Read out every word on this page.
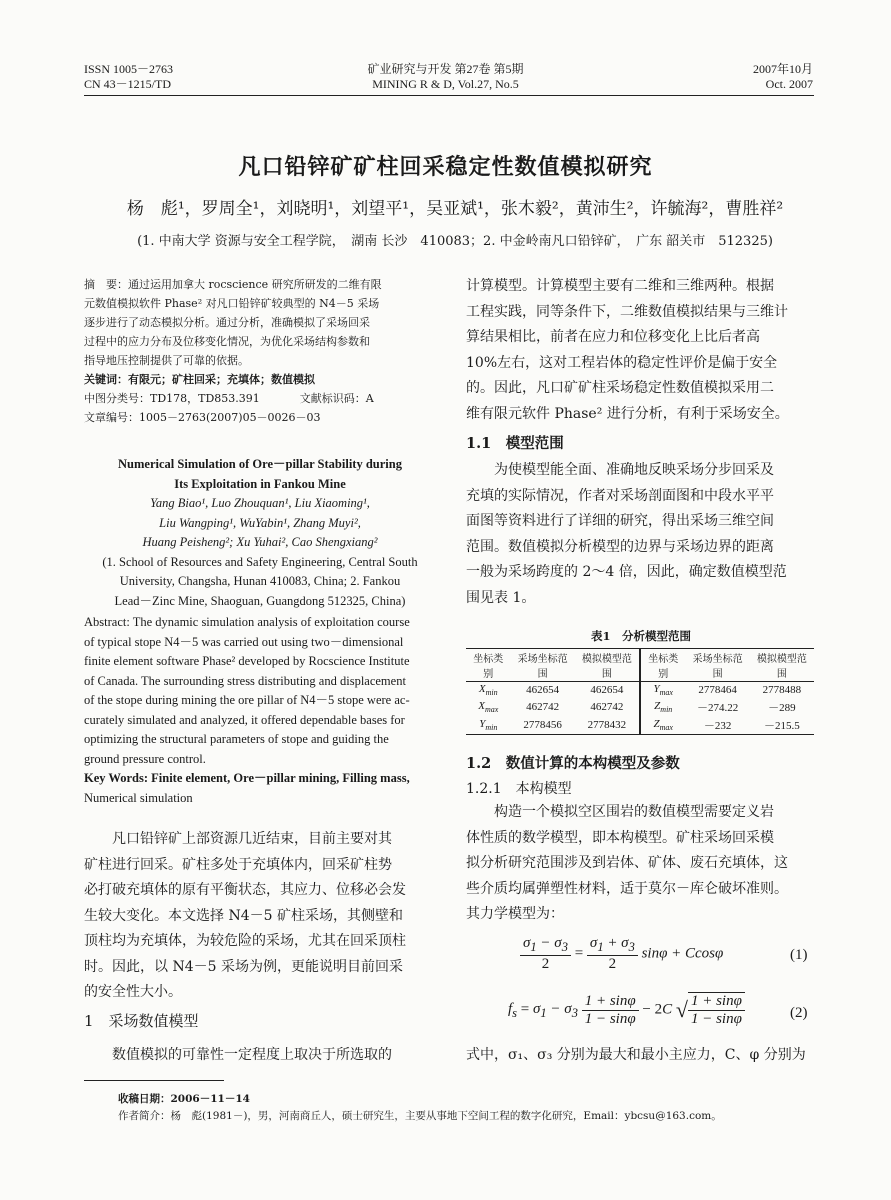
ISSN 1005－2763
CN 43－1215/TD
矿业研究与开发 第27卷 第5期
MINING R & D, Vol.27, No.5
2007年10月
Oct. 2007
凡口铅锌矿矿柱回采稳定性数值模拟研究
杨　彪¹，罗周全¹，刘晓明¹，刘望平¹，吴亚斌¹，张木毅²，黄沛生²，许毓海²，曹胜祥²
(1. 中南大学 资源与安全工程学院，　湖南 长沙　410083；2. 中金岭南凡口铅锌矿，　广东 韶关市　512325)
摘　要：通过运用加拿大 rocscience 研究所研发的二维有限
元数值模拟软件 Phase² 对凡口铅锌矿较典型的 N4－5 采场
逐步进行了动态模拟分析。通过分析，准确模拟了采场回采
过程中的应力分布及位移变化情况，为优化采场结构参数和
指导地压控制提供了可靠的依据。
关键词：有限元；矿柱回采；充填体；数值模拟
中图分类号：TD178，TD853.391	文献标识码：A
文章编号：1005－2763(2007)05－0026－03
Numerical Simulation of Ore－pillar Stability during
Its Exploitation in Fankou Mine
Yang Biao¹, Luo Zhouquan¹, Liu Xiaoming¹,
Liu Wangping¹, WuYabin¹, Zhang Muyi²,
Huang Peisheng²; Xu Yuhai², Cao Shengxiang²
(1. School of Resources and Safety Engineering, Central South
University, Changsha, Hunan 410083, China; 2. Fankou
Lead－Zinc Mine, Shaoguan, Guangdong 512325, China)
Abstract: The dynamic simulation analysis of exploitation course
of typical stope N4－5 was carried out using two－dimensional
finite element software Phase² developed by Rocscience Institute
of Canada. The surrounding stress distributing and displacement
of the stope during mining the ore pillar of N4－5 stope were ac-
curately simulated and analyzed, it offered dependable bases for
optimizing the structural parameters of stope and guiding the
ground pressure control.
Key Words: Finite element, Ore－pillar mining, Filling mass,
Numerical simulation
凡口铅锌矿上部资源几近结束，目前主要对其
矿柱进行回采。矿柱多处于充填体内，回采矿柱势
必打破充填体的原有平衡状态，其应力、位移必会发
生较大变化。本文选择 N4－5 矿柱采场，其侧壁和
顶柱均为充填体，为较危险的采场，尤其在回采顶柱
时。因此，以 N4－5 采场为例，更能说明目前回采
的安全性大小。
1　采场数值模型
数值模拟的可靠性一定程度上取决于所选取的
计算模型。计算模型主要有二维和三维两种。根据
工程实践，同等条件下，二维数值模拟结果与三维计
算结果相比，前者在应力和位移变化上比后者高
10%左右，这对工程岩体的稳定性评价是偏于安全
的。因此，凡口矿矿柱采场稳定性数值模拟采用二
维有限元软件 Phase² 进行分析，有利于采场安全。
1.1　模型范围
为使模型能全面、准确地反映采场分步回采及
充填的实际情况，作者对采场剖面图和中段水平平
面图等资料进行了详细的研究，得出采场三维空间
范围。数值模拟分析模型的边界与采场边界的距离
一般为采场跨度的 2～4 倍，因此，确定数值模型范
围见表 1。
表1　分析模型范围
坐标类别	采场坐标范围	模拟模型范围	坐标类别	采场坐标范围	模拟模型范围
$X_{min}$	462654	462654	$Y_{max}$	2778464	2778488
$X_{max}$	462742	462742	$Z_{min}$	－274.22	－289
$Y_{min}$	2778456	2778432	$Z_{max}$	－232	－215.5
1.2　数值计算的本构模型及参数
1.2.1　本构模型
构造一个模拟空区围岩的数值模型需要定义岩
体性质的数学模型，即本构模型。矿柱采场回采模
拟分析研究范围涉及到岩体、矿体、废石充填体，这
些介质均属弹塑性材料，适于莫尔－库仑破坏准则。
其力学模型为：
$\frac{\sigma_1 - \sigma_3}{2} = \frac{\sigma_1 + \sigma_3}{2}$ sinφ + Ccosφ	(1)
$f_s = \sigma_1 - \sigma_3 \frac{1 + \sin\varphi}{1 - \sin\varphi} - 2C$ √ $\frac{1 + \sin\varphi}{1 - \sin\varphi}$	(2)
式中，σ₁、σ₃ 分别为最大和最小主应力，C、φ 分别为
收稿日期：2006－11－14
作者简介：杨　彪(1981－)，男，河南商丘人，硕士研究生，主要从事地下空间工程的数字化研究，Email：ybcsu@163.com。
